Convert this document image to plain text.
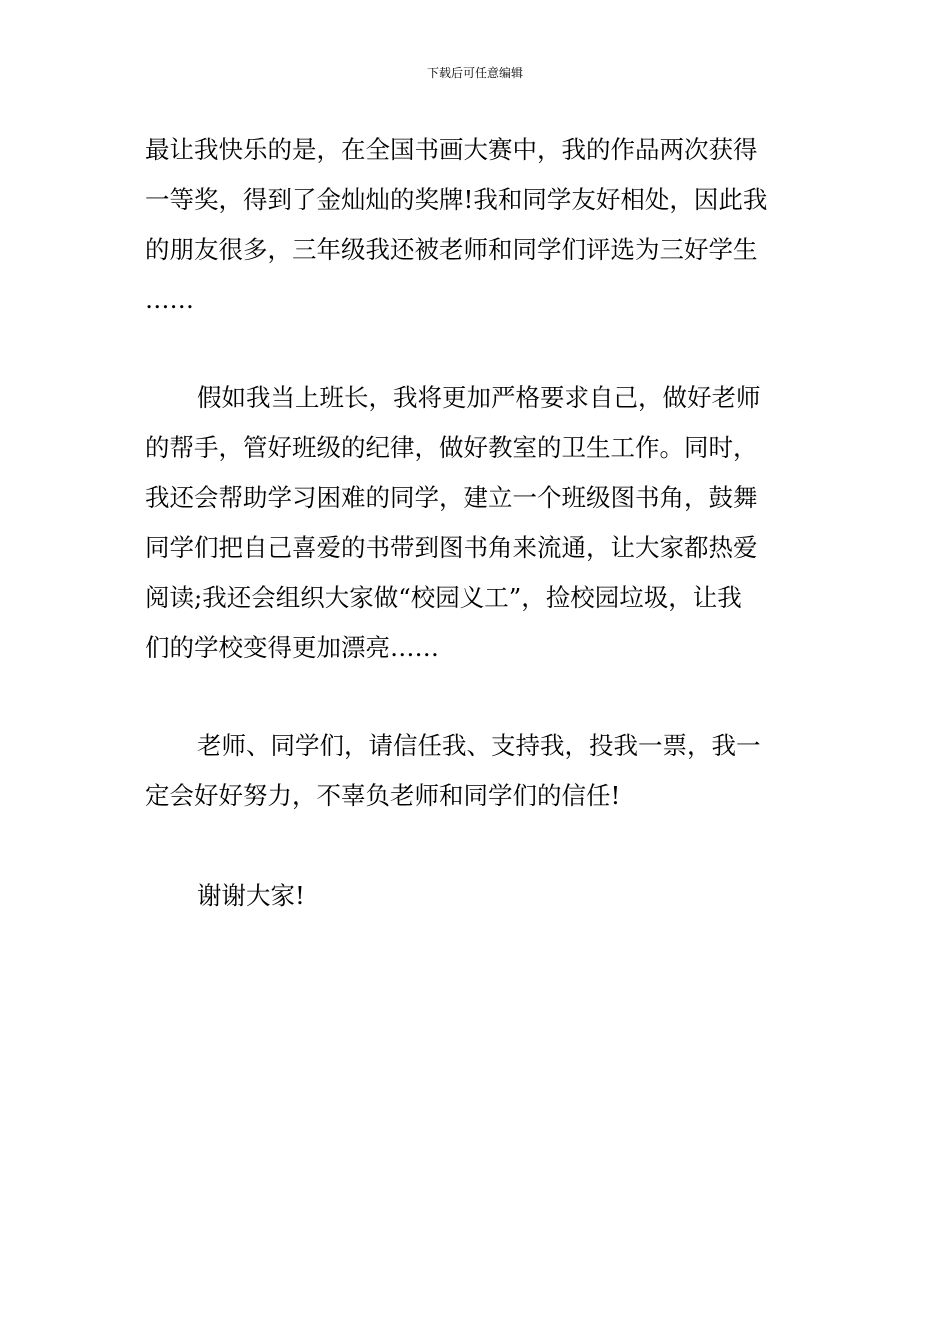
下载后可任意编辑
最让我快乐的是，在全国书画大赛中，我的作品两次获得
一等奖，得到了金灿灿的奖牌!我和同学友好相处，因此我
的朋友很多，三年级我还被老师和同学们评选为三好学生
……
假如我当上班长，我将更加严格要求自己，做好老师
的帮手，管好班级的纪律，做好教室的卫生工作。同时，
我还会帮助学习困难的同学，建立一个班级图书角，鼓舞
同学们把自己喜爱的书带到图书角来流通，让大家都热爱
阅读;我还会组织大家做“校园义工”，捡校园垃圾，让我
们的学校变得更加漂亮……
老师、同学们，请信任我、支持我，投我一票，我一
定会好好努力，不辜负老师和同学们的信任!
谢谢大家!
